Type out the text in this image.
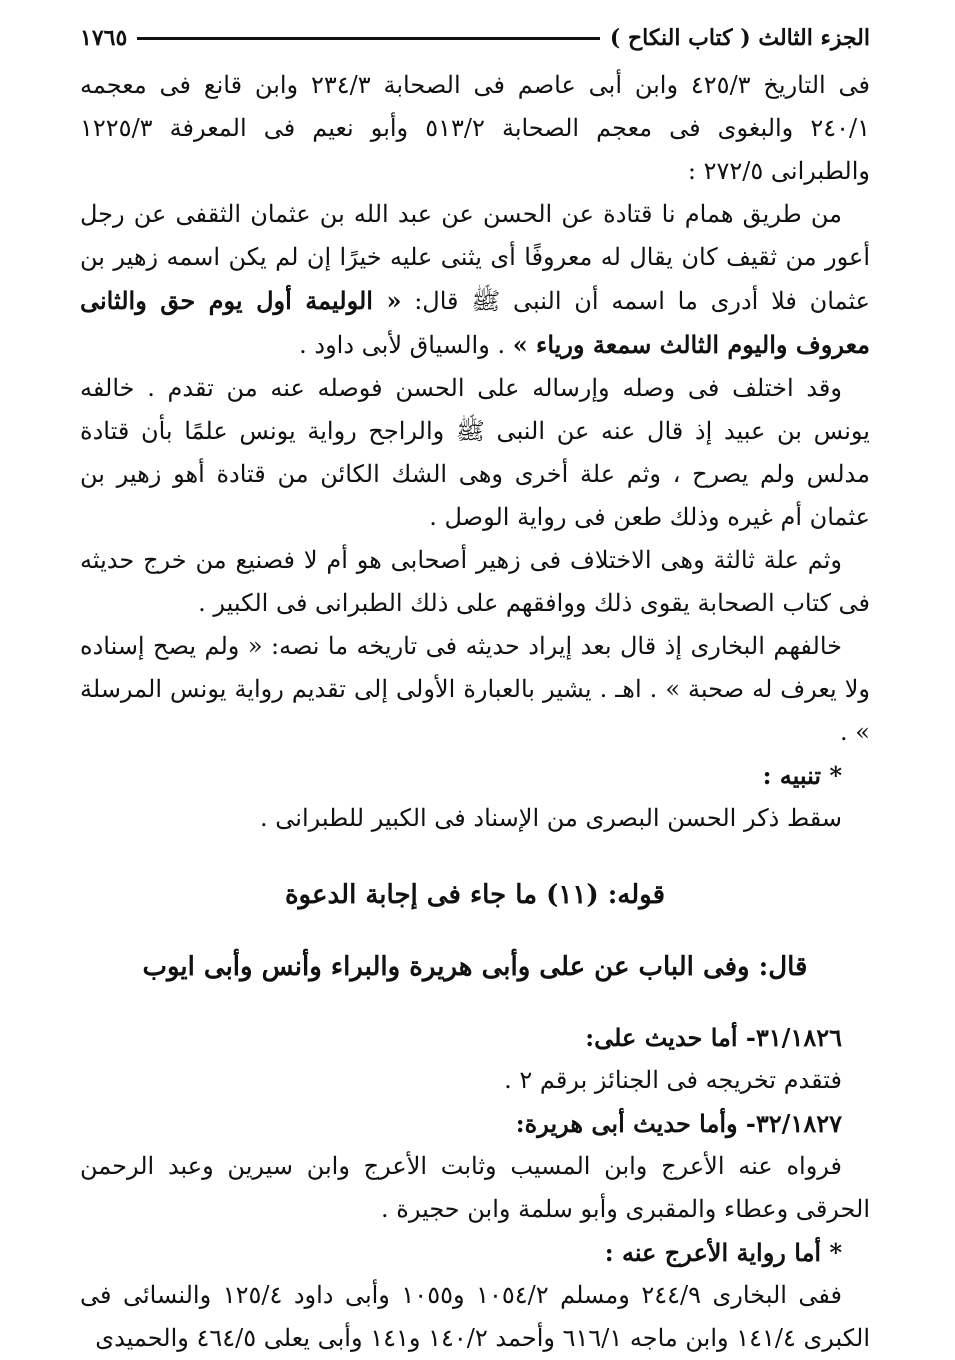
الجزء الثالث ( كتاب النكاح )
١٧٦٥

فى التاريخ ٤٢٥/٣ وابن أبى عاصم فى الصحابة ٢٣٤/٣ وابن قانع فى معجمه ٢٤٠/١ والبغوى فى معجم الصحابة ٥١٣/٢ وأبو نعيم فى المعرفة ١٢٢٥/٣ والطبرانى ٢٧٢/٥ :

من طريق همام نا قتادة عن الحسن عن عبد الله بن عثمان الثقفى عن رجل أعور من ثقيف كان يقال له معروفًا أى يثنى عليه خيرًا إن لم يكن اسمه زهير بن عثمان فلا أدرى ما اسمه أن النبى ﷺ قال: « الوليمة أول يوم حق والثانى معروف واليوم الثالث سمعة ورياء » . والسياق لأبى داود .

وقد اختلف فى وصله وإرساله على الحسن فوصله عنه من تقدم . خالفه يونس بن عبيد إذ قال عنه عن النبى ﷺ والراجح رواية يونس علمًا بأن قتادة مدلس ولم يصرح ، وثم علة أخرى وهى الشك الكائن من قتادة أهو زهير بن عثمان أم غيره وذلك طعن فى رواية الوصل .

وثم علة ثالثة وهى الاختلاف فى زهير أصحابى هو أم لا فصنيع من خرج حديثه فى كتاب الصحابة يقوى ذلك ووافقهم على ذلك الطبرانى فى الكبير .

خالفهم البخارى إذ قال بعد إيراد حديثه فى تاريخه ما نصه: « ولم يصح إسناده ولا يعرف له صحبة » . اهـ . يشير بالعبارة الأولى إلى تقديم رواية يونس المرسلة » .

* تنبيه :

سقط ذكر الحسن البصرى من الإسناد فى الكبير للطبرانى .

قوله: (١١) ما جاء فى إجابة الدعوة

قال: وفى الباب عن على وأبى هريرة والبراء وأنس وأبى ايوب

٣١/١٨٢٦- أما حديث على:

فتقدم تخريجه فى الجنائز برقم ٢ .

٣٢/١٨٢٧- وأما حديث أبى هريرة:

فرواه عنه الأعرج وابن المسيب وثابت الأعرج وابن سيرين وعبد الرحمن الحرقى وعطاء والمقبرى وأبو سلمة وابن حجيرة .

* أما رواية الأعرج عنه :

ففى البخارى ٢٤٤/٩ ومسلم ١٠٥٤/٢ و١٠٥٥ وأبى داود ١٢٥/٤ والنسائى فى الكبرى ١٤١/٤ وابن ماجه ٦١٦/١ وأحمد ١٤٠/٢ و١٤١ وأبى يعلى ٤٦٤/٥ والحميدى
